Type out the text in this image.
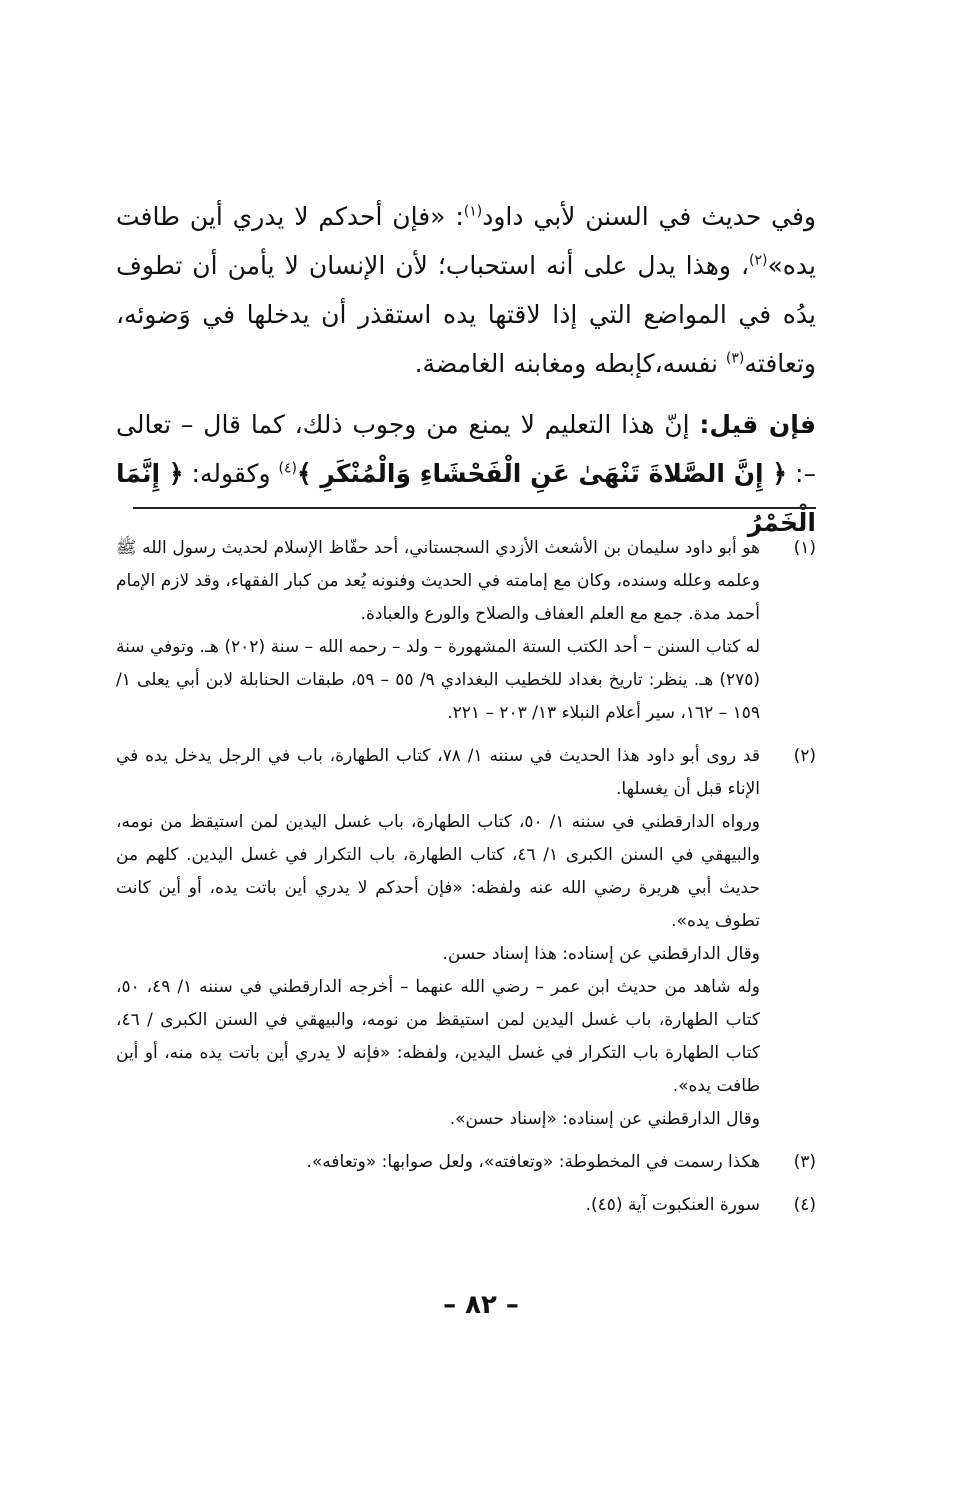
وفي حديث في السنن لأبي داود$^{(١)}$: «فإن أحدكم لا يدري أين طافت يده»$^{(٢)}$، وهذا يدل على أنه استحباب؛ لأن الإنسان لا يأمن أن تطوف يدُه في المواضع التي إذا لاقتها يده استقذر أن يدخلها في وَضوئه، وتعافته$^{(٣)}$ نفسه،كإبطه ومغابنه الغامضة.

فإن قيل: إنّ هذا التعليم لا يمنع من وجوب ذلك، كما قال – تعالى –: ﴿ إِنَّ الصَّلاةَ تَنْهَىٰ عَنِ الْفَحْشَاءِ وَالْمُنْكَرِ ﴾$^{(٤)}$ وكقوله: ﴿ إِنَّمَا الْخَمْرُ

(١)

هو أبو داود سليمان بن الأشعث الأزدي السجستاني، أحد حفّاظ الإسلام لحديث رسول الله ﷺ وعلمه وعلله وسنده، وكان مع إمامته في الحديث وفنونه يُعد من كبار الفقهاء، وقد لازم الإمام أحمد مدة. جمع مع العلم العفاف والصلاح والورع والعبادة.

له كتاب السنن – أحد الكتب الستة المشهورة – ولد – رحمه الله – سنة (٢٠٢) هـ. وتوفي سنة (٢٧٥) هـ. ينظر: تاريخ بغداد للخطيب البغدادي ٩/ ٥٥ – ٥٩، طبقات الحنابلة لابن أبي يعلى ١/ ١٥٩ – ١٦٢، سير أعلام النبلاء ١٣/ ٢٠٣ – ٢٢١.

(٢)

قد روى أبو داود هذا الحديث في سننه ١/ ٧٨، كتاب الطهارة، باب في الرجل يدخل يده في الإناء قبل أن يغسلها.

ورواه الدارقطني في سننه ١/ ٥٠، كتاب الطهارة، باب غسل اليدين لمن استيقظ من نومه، والبيهقي في السنن الكبرى ١/ ٤٦، كتاب الطهارة، باب التكرار في غسل اليدين. كلهم من حديث أبي هريرة رضي الله عنه ولفظه: «فإن أحدكم لا يدري أين باتت يده، أو أين كانت تطوف يده».

وقال الدارقطني عن إسناده: هذا إسناد حسن.

وله شاهد من حديث ابن عمر – رضي الله عنهما – أخرجه الدارقطني في سننه ١/ ٤٩، ٥٠، كتاب الطهارة، باب غسل اليدين لمن استيقظ من نومه، والبيهقي في السنن الكبرى / ٤٦، كتاب الطهارة باب التكرار في غسل اليدين، ولفظه: «فإنه لا يدري أين باتت يده منه، أو أين طافت يده».

وقال الدارقطني عن إسناده: «إسناد حسن».

(٣)

هكذا رسمت في المخطوطة: «وتعافته»، ولعل صوابها: «وتعافه».

(٤)

سورة العنكبوت آية (٤٥).

– ٨٢ –
